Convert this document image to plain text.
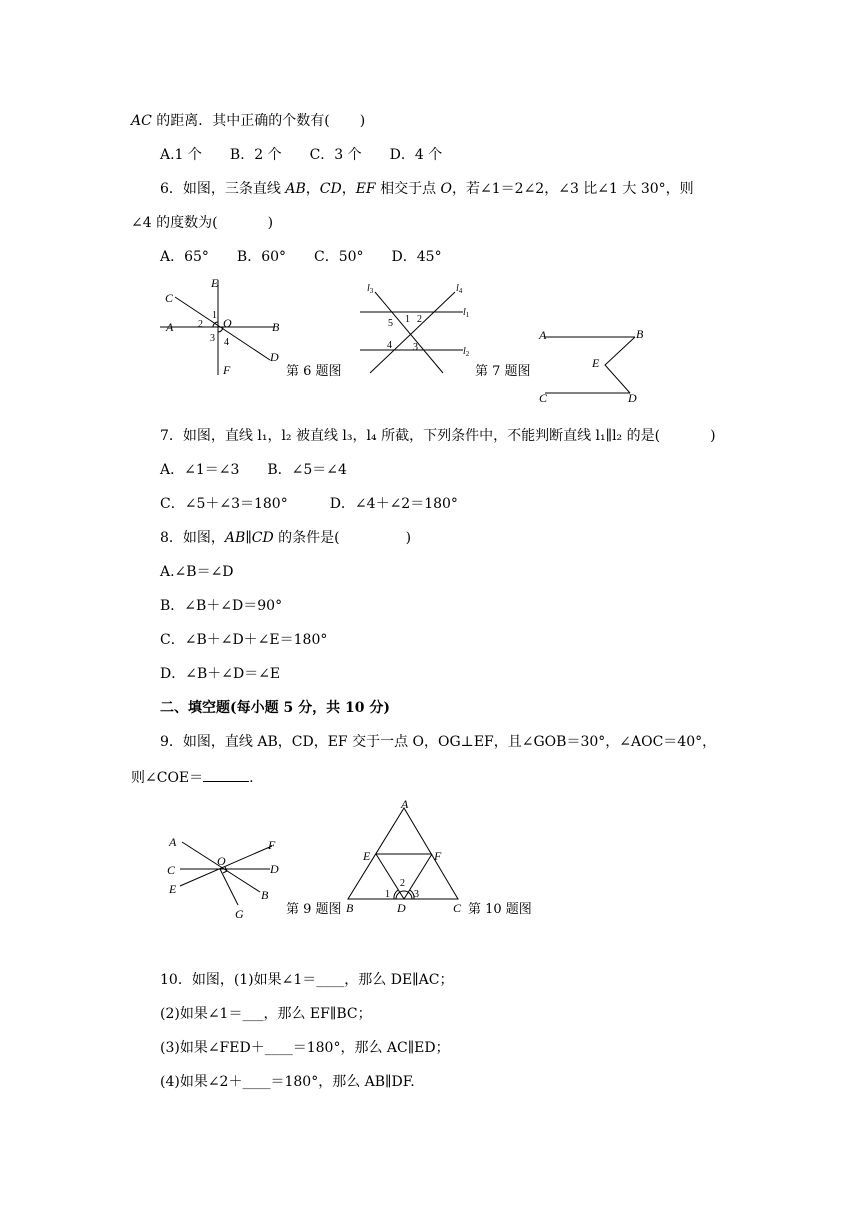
AC 的距离．其中正确的个数有( )
A.1 个　　B．2 个　　C．3 个　　D．4 个
6．如图，三条直线 AB，CD，EF 相交于点 O，若∠1＝2∠2，∠3 比∠1 大 30°，则
∠4 的度数为(	)
A．65°　　B．60°　　C．50°　　D．45°
C
E
A	B
O
D
F
1
2
3 4
第 6 题图
$l_3$	$l_4$
$l_1$
$l_2$
1 2
5
4 3
第 7 题图
A	B
E
C	D
7．如图，直线 l₁，l₂ 被直线 l₃，l₄ 所截，下列条件中，不能判断直线 l₁∥l₂ 的是(	)
A．∠1＝∠3　　B．∠5＝∠4
C．∠5＋∠3＝180°　　　D．∠4＋∠2＝180°
8．如图，AB∥CD 的条件是(	)
A.∠B＝∠D
B．∠B＋∠D＝90°
C．∠B＋∠D＋∠E＝180°
D．∠B＋∠D＝∠E
二、填空题(每小题 5 分，共 10 分)
9．如图，直线 AB，CD，EF 交于一点 O，OG⊥EF，且∠GOB＝30°，∠AOC＝40°，
则∠COE＝	.
A	F
C
O
D
E	B
G	第 9 题图
A
E	F
B	D	C
1
2
3
第 10 题图
10．如图，(1)如果∠1＝____，那么 DE∥AC；
(2)如果∠1＝___，那么 EF∥BC；
(3)如果∠FED＋____＝180°，那么 AC∥ED；
(4)如果∠2＋____＝180°，那么 AB∥DF.
